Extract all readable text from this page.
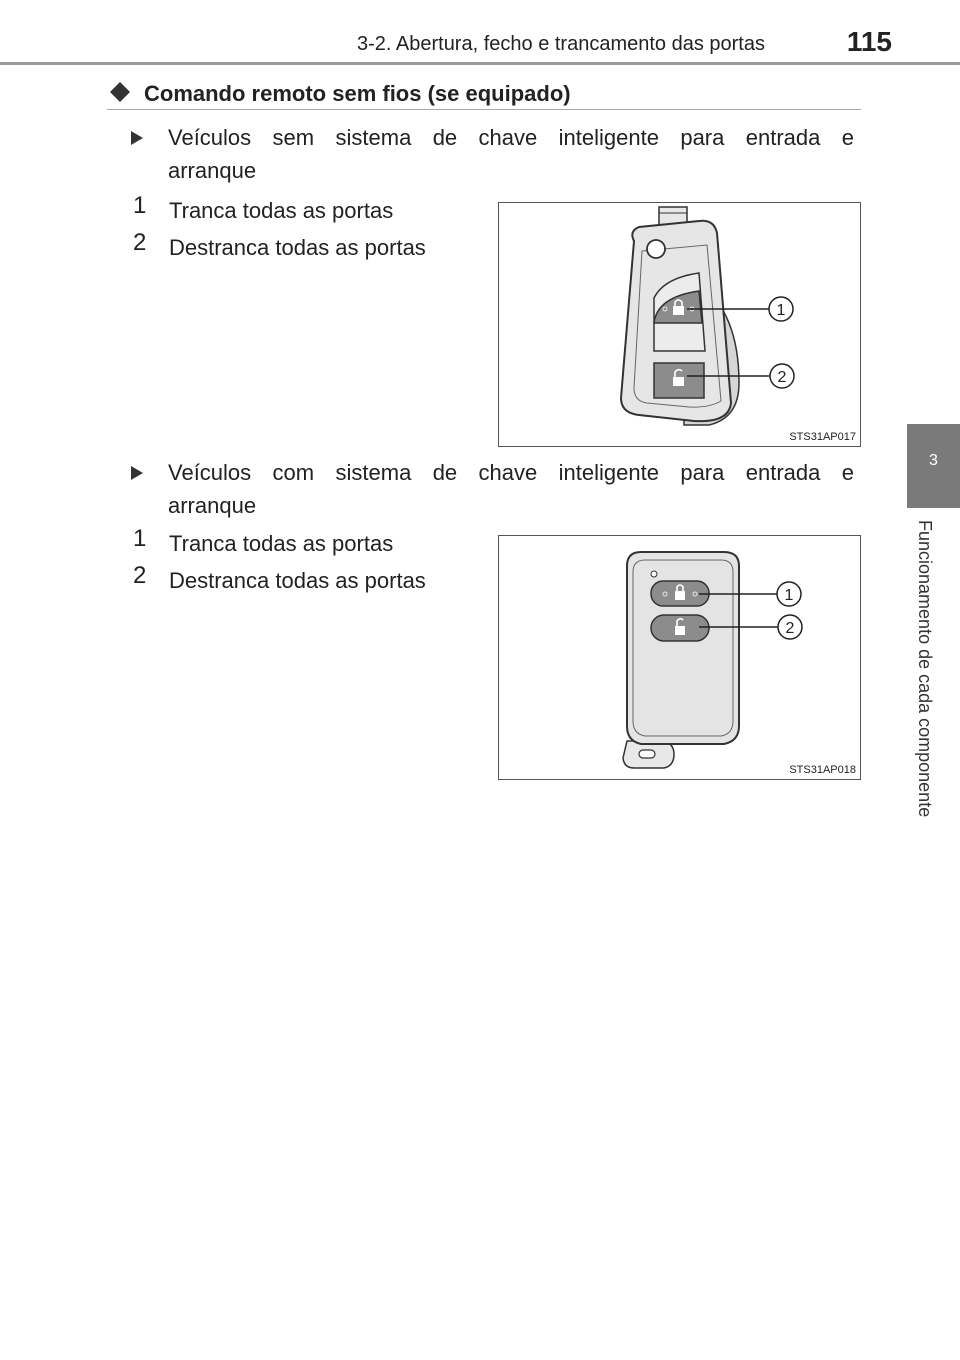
3-2. Abertura, fecho e trancamento das portas	115
3
Funcionamento de cada componente
Comando remoto sem fios (se equipado)
Veículos sem sistema de chave inteligente para entrada e
arranque
1 Tranca todas as portas
2 Destranca todas as portas
1
2
STS31AP017
Veículos com sistema de chave inteligente para entrada e
arranque
1 Tranca todas as portas
2 Destranca todas as portas
1
2
STS31AP018
